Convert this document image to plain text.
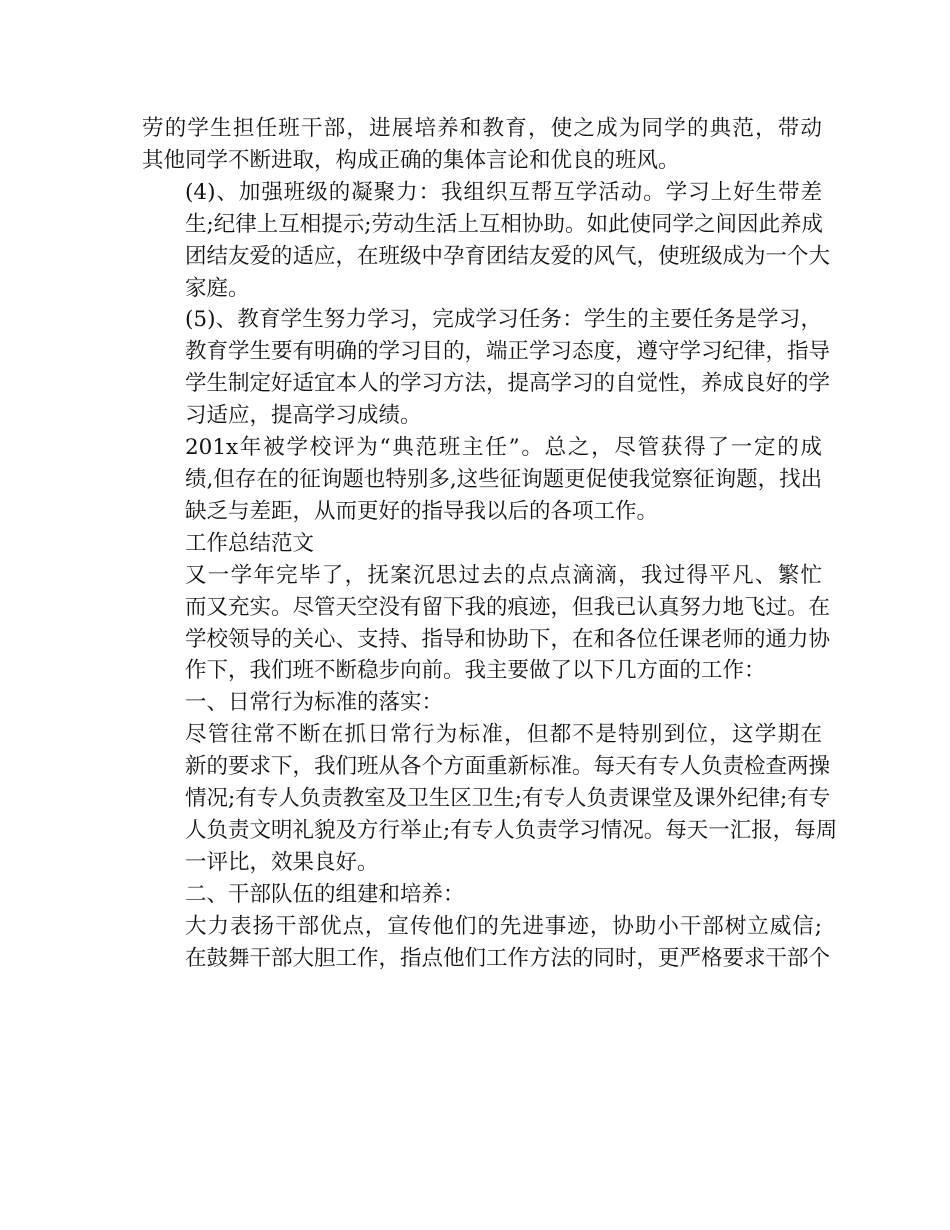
劳的学生担任班干部，进展培养和教育，使之成为同学的典范，带动
其他同学不断进取，构成正确的集体言论和优良的班风。
(4)、加强班级的凝聚力：我组织互帮互学活动。学习上好生带差
生;纪律上互相提示;劳动生活上互相协助。如此使同学之间因此养成
团结友爱的适应，在班级中孕育团结友爱的风气，使班级成为一个大
家庭。
(5)、教育学生努力学习，完成学习任务：学生的主要任务是学习，
教育学生要有明确的学习目的，端正学习态度，遵守学习纪律，指导
学生制定好适宜本人的学习方法，提高学习的自觉性，养成良好的学
习适应，提高学习成绩。
201x年被学校评为“典范班主任”。总之，尽管获得了一定的成
绩,但存在的征询题也特别多,这些征询题更促使我觉察征询题，找出
缺乏与差距，从而更好的指导我以后的各项工作。
工作总结范文
又一学年完毕了，抚案沉思过去的点点滴滴，我过得平凡、繁忙
而又充实。尽管天空没有留下我的痕迹，但我已认真努力地飞过。在
学校领导的关心、支持、指导和协助下，在和各位任课老师的通力协
作下，我们班不断稳步向前。我主要做了以下几方面的工作：
一、日常行为标准的落实：
尽管往常不断在抓日常行为标准，但都不是特别到位，这学期在
新的要求下，我们班从各个方面重新标准。每天有专人负责检查两操
情况;有专人负责教室及卫生区卫生;有专人负责课堂及课外纪律;有专
人负责文明礼貌及方行举止;有专人负责学习情况。每天一汇报，每周
一评比，效果良好。
二、干部队伍的组建和培养：
大力表扬干部优点，宣传他们的先进事迹，协助小干部树立威信;
在鼓舞干部大胆工作，指点他们工作方法的同时，更严格要求干部个
